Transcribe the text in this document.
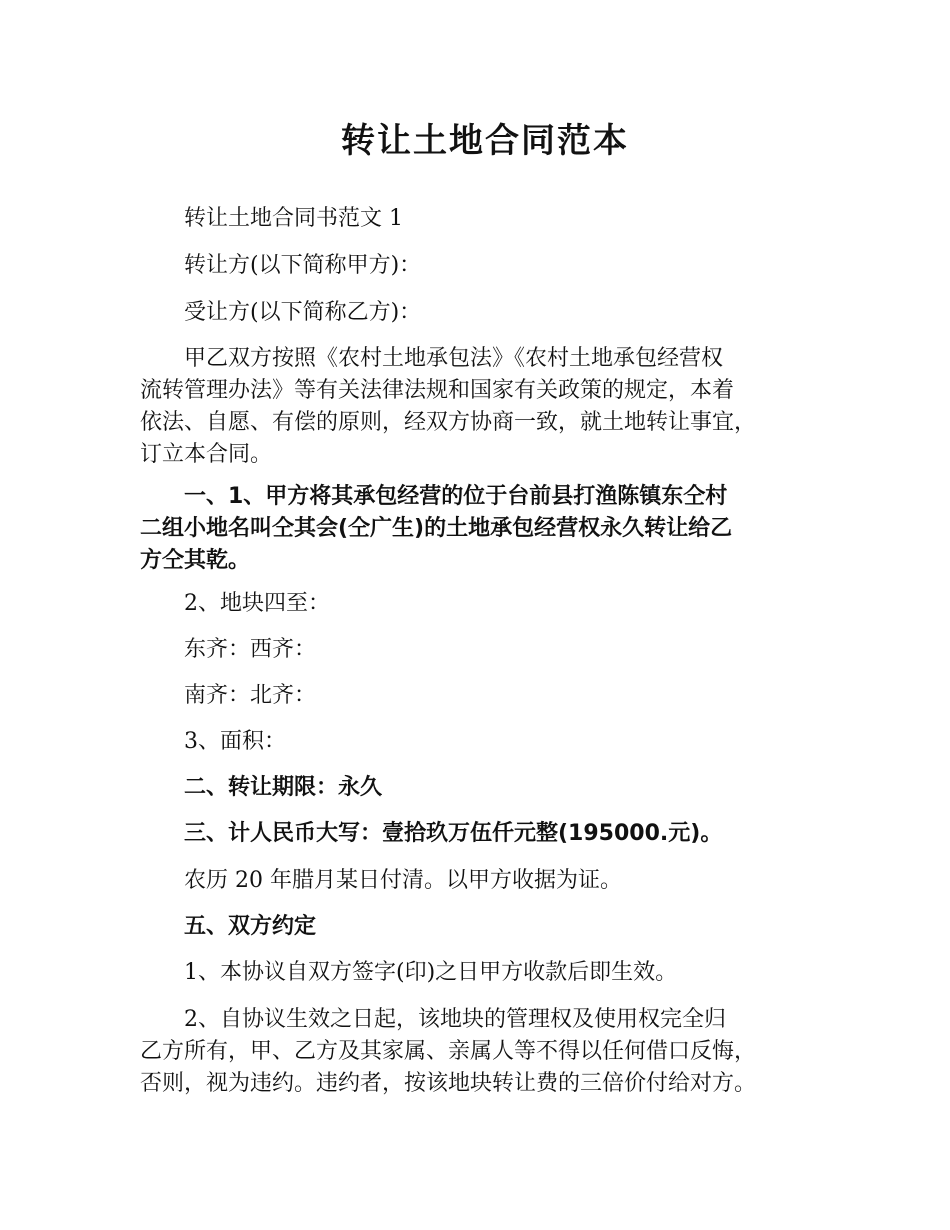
转让土地合同范本

转让土地合同书范文 1

转让方(以下简称甲方)：

受让方(以下简称乙方)：

甲乙双方按照《农村土地承包法》《农村土地承包经营权
流转管理办法》等有关法律法规和国家有关政策的规定，本着
依法、自愿、有偿的原则，经双方协商一致，就土地转让事宜，
订立本合同。
一、1、甲方将其承包经营的位于台前县打渔陈镇东仝村
二组小地名叫仝其会(仝广生)的土地承包经营权永久转让给乙
方仝其乾。

2、地块四至：

东齐：西齐：

南齐：北齐：

3、面积：

二、转让期限：永久

三、计人民币大写：壹拾玖万伍仟元整(195000.元)。

农历 20 年腊月某日付清。以甲方收据为证。

五、双方约定

1、本协议自双方签字(印)之日甲方收款后即生效。

2、自协议生效之日起，该地块的管理权及使用权完全归
乙方所有，甲、乙方及其家属、亲属人等不得以任何借口反悔，
否则，视为违约。违约者，按该地块转让费的三倍价付给对方。
